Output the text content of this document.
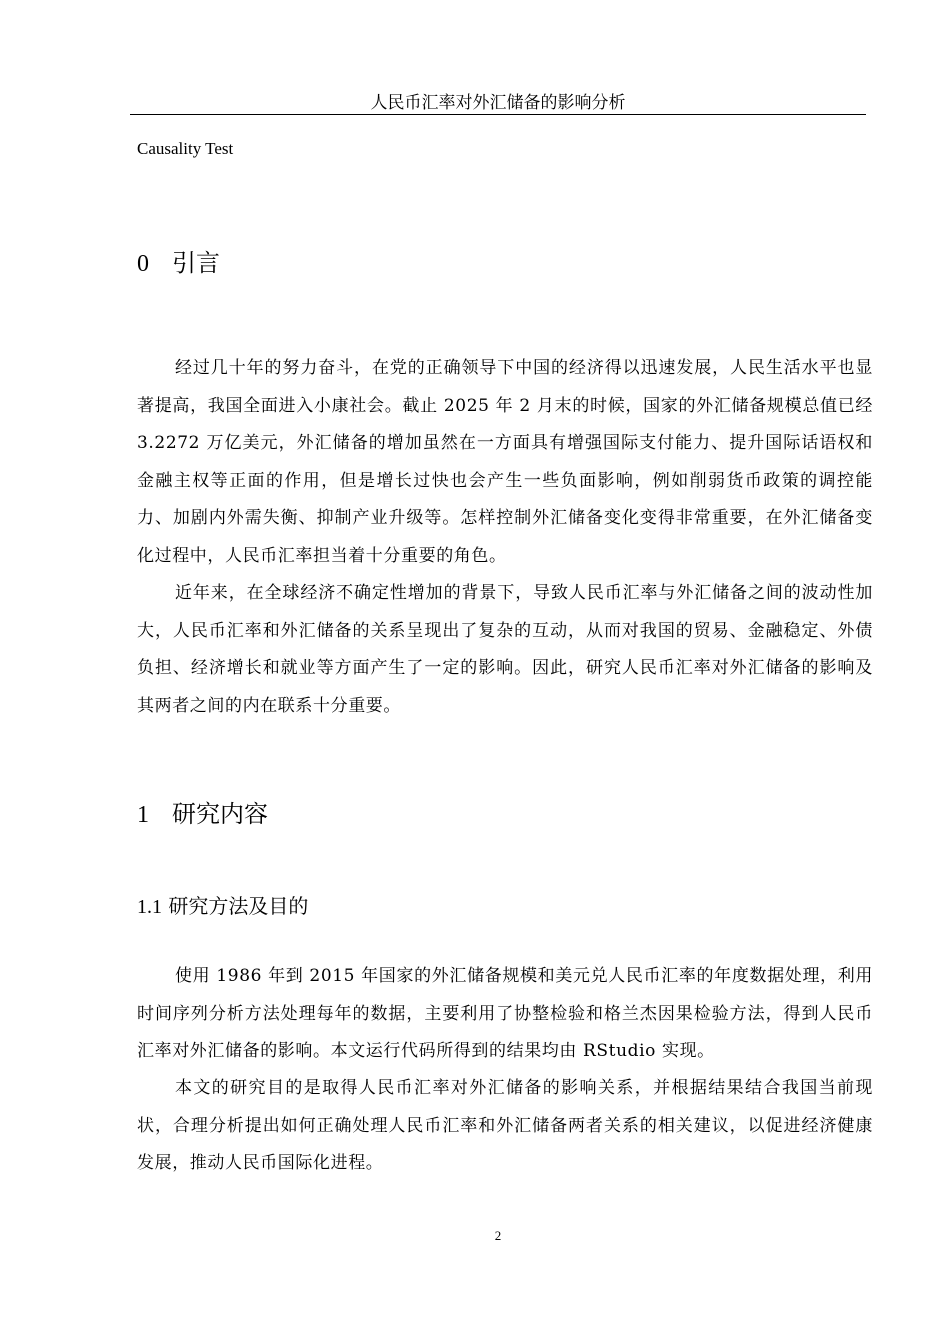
人民币汇率对外汇储备的影响分析
Causality Test
0 引言

经过几十年的努力奋斗，在党的正确领导下中国的经济得以迅速发展，人民生活水平也显著提高，我国全面进入小康社会。截止 2025 年 2 月末的时候，国家的外汇储备规模总值已经 3.2272 万亿美元，外汇储备的增加虽然在一方面具有增强国际支付能力、提升国际话语权和金融主权等正面的作用，但是增长过快也会产生一些负面影响，例如削弱货币政策的调控能力、加剧内外需失衡、抑制产业升级等。怎样控制外汇储备变化变得非常重要，在外汇储备变化过程中，人民币汇率担当着十分重要的角色。

近年来，在全球经济不确定性增加的背景下，导致人民币汇率与外汇储备之间的波动性加大，人民币汇率和外汇储备的关系呈现出了复杂的互动，从而对我国的贸易、金融稳定、外债负担、经济增长和就业等方面产生了一定的影响。因此，研究人民币汇率对外汇储备的影响及其两者之间的内在联系十分重要。

1 研究内容
1.1 研究方法及目的

使用 1986 年到 2015 年国家的外汇储备规模和美元兑人民币汇率的年度数据处理，利用时间序列分析方法处理每年的数据，主要利用了协整检验和格兰杰因果检验方法，得到人民币汇率对外汇储备的影响。本文运行代码所得到的结果均由 RStudio 实现。

本文的研究目的是取得人民币汇率对外汇储备的影响关系，并根据结果结合我国当前现状，合理分析提出如何正确处理人民币汇率和外汇储备两者关系的相关建议，以促进经济健康发展，推动人民币国际化进程。

2
